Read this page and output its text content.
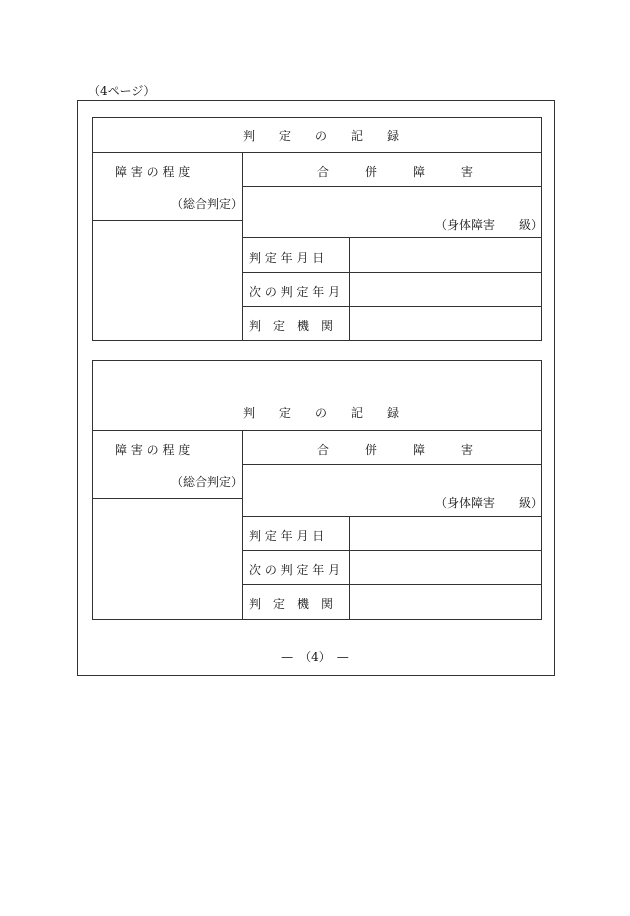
（4ページ）
判　　定　　の　　記　　録
障 害 の 程 度
（総合判定）
合　　　併　　　障　　　害
（身体障害　　級）
判 定 年 月 日
次 の 判 定 年 月
判　定　機　関
判　　定　　の　　記　　録
障 害 の 程 度
（総合判定）
合　　　併　　　障　　　害
（身体障害　　級）
判 定 年 月 日
次 の 判 定 年 月
判　定　機　関
—　（4）　—
